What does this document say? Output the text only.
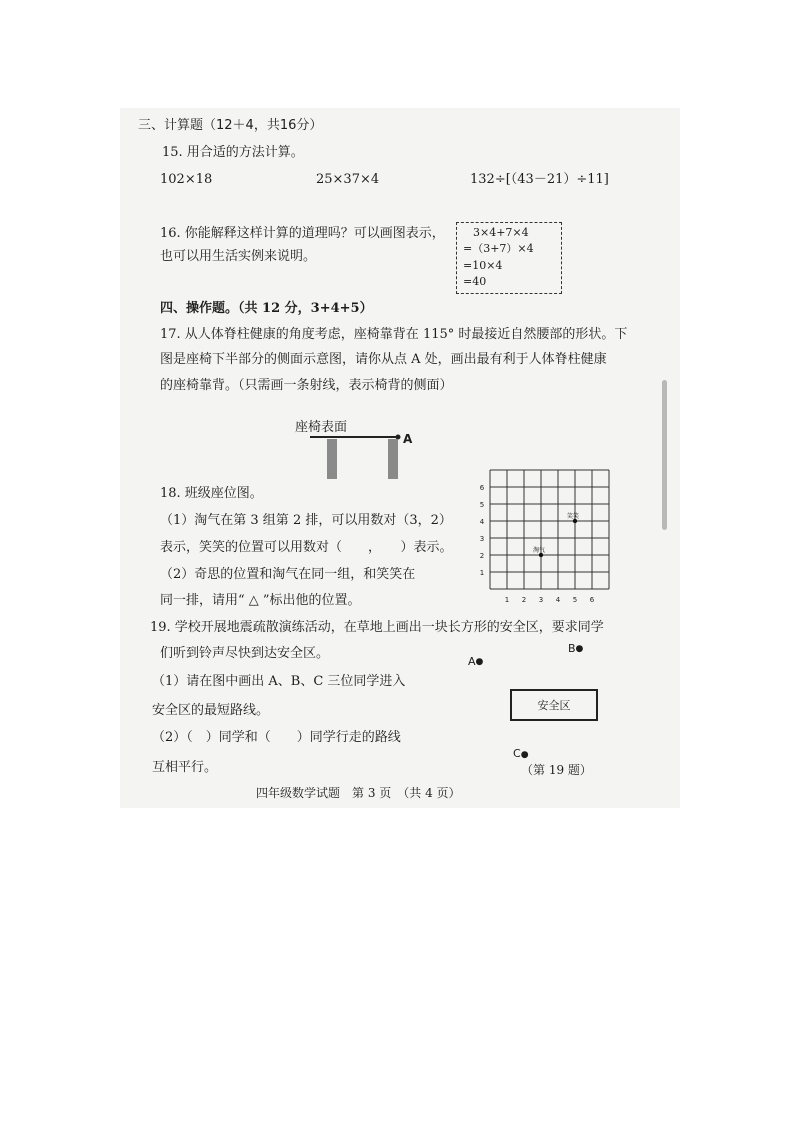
三、计算题（12＋4，共16分）
15. 用合适的方法计算。
102×18	25×37×4	132÷[（43－21）÷11]
16. 你能解释这样计算的道理吗？可以画图表示，
也可以用生活实例来说明。
3×4+7×4
=（3+7）×4
=10×4
=40
四、操作题。（共 12 分，3+4+5）
17. 从人体脊柱健康的角度考虑，座椅靠背在 115° 时最接近自然腰部的形状。下
图是座椅下半部分的侧面示意图，请你从点 A 处，画出最有利于人体脊柱健康
的座椅靠背。（只需画一条射线，表示椅背的侧面）
座椅表面
A
18. 班级座位图。
（1）淘气在第 3 组第 2 排，可以用数对（3，2）
表示，笑笑的位置可以用数对（　　，　　）表示。
（2）奇思的位置和淘气在同一组，和笑笑在
同一排，请用“ △ ”标出他的位置。	1 2 3 4 5 6
1
2
3
4
5
6
笑笑
淘气
19. 学校开展地震疏散演练活动，在草地上画出一块长方形的安全区，要求同学
们听到铃声尽快到达安全区。
（1）请在图中画出 A、B、C 三位同学进入
安全区的最短路线。
（2）（　）同学和（　　）同学行走的路线
互相平行。
A●
B●
C●
安全区
（第 19 题）
四年级数学试题　第 3 页　（共 4 页）
